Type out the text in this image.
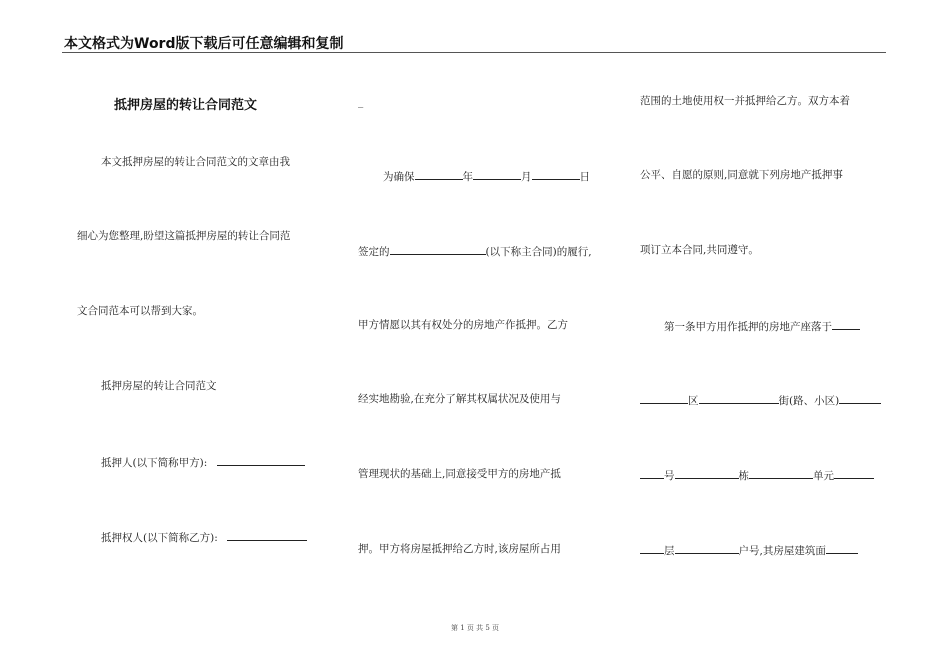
本文格式为Word版下载后可任意编辑和复制
抵押房屋的转让合同范文
本文抵押房屋的转让合同范文的文章由我
细心为您整理,盼望这篇抵押房屋的转让合同范
文合同范本可以帮到大家。
抵押房屋的转让合同范文
抵押人(以下简称甲方):
抵押权人(以下简称乙方):
_
为确保	年	月	日
签定的	(以下称主合同)的履行,
甲方情愿以其有权处分的房地产作抵押。乙方
经实地勘验,在充分了解其权属状况及使用与
管理现状的基础上,同意接受甲方的房地产抵
押。甲方将房屋抵押给乙方时,该房屋所占用
范围的土地使用权一并抵押给乙方。双方本着
公平、自愿的原则,同意就下列房地产抵押事
项订立本合同,共同遵守。
第一条甲方用作抵押的房地产座落于
区	街(路、小区)
号	栋	单元
层	户号,其房屋建筑面
第 1 页 共 5 页
